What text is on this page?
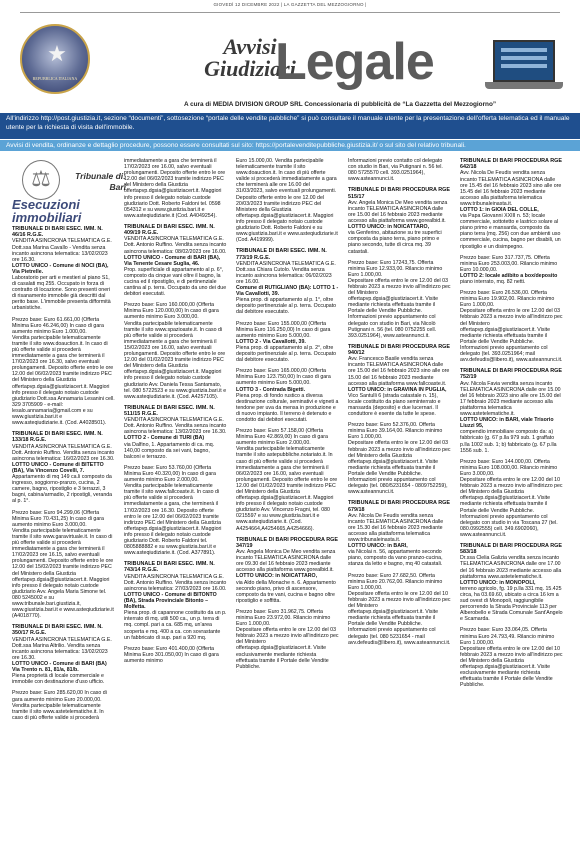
GIOVEDÌ 12 DICEMBRE 2022 | LA GAZZETTA DEL MEZZOGIORNO |
★
REPUBBLICA ITALIANA
Avvisi
Giudiziari
Legale
A cura di MEDIA DIVISION GROUP SRL Concessionaria di pubblicità de “La Gazzetta del Mezzogiorno”
All'indirizzo http://post.giustizia.it, sezione “documenti”, sottosezione “portale delle vendite pubbliche” si può consultare il manuale utente per la presentazione dell'offerta telematica ed il manuale utente per la richiesta di visita dell'immobile.
Avvisi di vendita, ordinanze e dettaglio procedure, possono essere consultati sul sito: https://portalevenditepubbliche.giustizia.it/ o sul sito del relativo tribunali.
⚖	Tribunale di:
Bari
Esecuzioni immobiliari
TRIBUNALE DI BARI ESEC. IMM. N. 46/16 R.G.E.

VENDITA ASINCRONA TELEMATICA G.E. Dott.ssa Marina Cavallo - Vendita senza incanto asincrona telematica: 13/02/2023 ore 16.30.

LOTTO UNICO - Comune di NOCI (BA), Via Pietrelle.

Laboratorio per arti e mestieri al piano S1, di casalati mq 255. Occupato in forza di contratto di locazione. Sono presenti oneri di risanamento immobile già descritti dal perito base. L'immobile presenta difformità urbanistiche.

Prezzo base: Euro 61.661,00 (Offerta Minima Euro 46.246,00) In caso di gara aumento minimo Euro 1.000,00.

Vendita partecipabile telematicamente tramite il sito www.doauction.it. In caso di più offerte valide si procederà immediatamente a gara che terminerà il 17/02/2023 ore 16.30, salvo eventuali prolungamenti. Deposito offerte entro le ore 12.00 del 06/02/2023 tramite indirizzo PEC del Ministero della Giustizia offertapvp.dgsia@giustiziacert.it. Maggiori info presso il delegato notaio custode giudiziario Dott.ssa Annamaria Lesanini cell. 329 3705909 - e-mail: lesalo.annamaria@gmail.com e su www.giustizia.bari.it e www.asteqiudiziarie.it. (Cod. A4028501).

TRIBUNALE DI BARI ESEC. IMM. N. 133/18 R.G.E.

VENDITA ASINCRONA TELEMATICA G.E. Dott. Antonio Ruffino. Vendita senza incanto asincrona telematica: 16/02/2023 ore 16.30.

LOTTO UNICO - Comune di BITETTO (BA), Via Vincenzo Covelli, 7.

Appartamento di mq 149 ca.li composto da ingresso, soggiorno-pranzo, cucina, 2 camere, bagno, ripostiglio e 3 terrazzi, 3 bagni, cabina/armadio, 2 ripostigli, veranda al p. 1°.

Prezzo base: Euro 94.299,06 (Offerta Minima Euro 70.431,25) In caso di gara aumento minimo Euro 3.000,00.

Vendita partecipabile telematicamente tramite il sito www.garavirtuale.it. In caso di più offerte valide si procederà immediatamente a gara che terminerà il 17/02/2023 ore 16.15, salvo eventuali prolungamenti. Deposito offerte entro le ore 12.00 del 15/02/2023 tramite indirizzo PEC del Ministero della Giustizia offertapvp.dgsia@giustiziacert.it. Maggiori info presso il delegato notaio custode giudiziario Avv. Angela Maria Simone tel. 080 5245002 e su www.tribunale.bari.giustizia.it, www.giustizia.bari.it e www.asteqiudiziarie.it (A4018770).

TRIBUNALE DI BARI ESEC. IMM. N. 350/17 R.G.E.

VENDITA ASINCRONA TELEMATICA G.E. Dott.ssa Marina Altrilio. Vendita senza incanto asincrona telematica: 13/02/2023 ore 16.30.

LOTTO UNICO - Comune di BARI (BA) Via Trento n. 81, 81/a, 81/b.

Piena proprietà di locale commerciale e immobile con destinazione d'uso ufficio.

Prezzo base: Euro 285.620,00 In caso di gara aumento minimo Euro 20.000,00.

Vendita partecipabile telematicamente tramite il sito www.astetelematiche.it. In caso di più offerte valide si procederà

immediatamente a gara che terminerà il 17/02/2023 ore 16.00, salvo eventuali prolungamenti. Deposito offerte entro le ore 12.00 del 06/02/2023 tramite indirizzo PEC del Ministero della Giustizia offertapvp.dgsia@giustiziacert.it. Maggiori info presso il delegato notaio custode giudiziario Dott. Roberto Faldoni tel. 0598 054312 e su www.giustizia.bari.it e www.asteqiudiziarie.it (Cod. A4049254).

TRIBUNALE DI BARI ESEC. IMM. N. 409/19 R.G.E.

VENDITA ASINCRONA TELEMATICA G.E. Dott. Antonio Ruffino. Vendita senza incanto asincrona telematica: 08/02/2023 ore 16.00.

LOTTO UNICO - Comune di BARI (BA), Via Tenente Cesare Suglia, 46.

Prop. superficiale di appartamento al p. 6°, composto da cinque vani oltre il bagno, la cucina ed il ripostiglio, e di pertinenziale cantina al p. terra. Occupato da uno dei due debitori esecutati.

Prezzo base: Euro 160.000,00 (Offerta Minima Euro 120.000,00) In caso di gara aumento minimo Euro 3.000,00.

Vendita partecipabile telematicamente tramite il sito www.spazioaste.it. In caso di più offerte valide si procederà immediatamente a gara che terminerà il 15/02/2023 ore 16.00, salvo eventuali prolungamenti. Deposito offerte entro le ore 12.00 del 01/02/2023 tramite indirizzo PEC del Ministero della Giustizia offertapvp.dgsia@giustiziacert.it. Maggiori info presso il delegato notaio custode giudiziario Avv. Daniela Tessa Santamato, tel. 080 5722523 e su www.giustizia.bari.it e www.asteqiudiziarie.it. (Cod. A4257105).

TRIBUNALE DI BARI ESEC. IMM. N. 511/15 R.G.E.

VENDITA ASINCRONA TELEMATICA G.E. Dott. Antonio Ruffino. Vendita senza incanto asincrona telematica: 13/02/2023 ore 16.30.

LOTTO 2 - Comune di TURI (BA)

via Dalfino, 1. Appartamento di ca. mq. 140,00 composto da sei vani, bagno, balconi e terrazzo.

Prezzo base: Euro 53.760,00 (Offerta Minima Euro 40.320,00) In caso di gara aumento minimo Euro 2.000,00.

Vendita partecipabile telematicamente tramite il sito www.fallcoaste.it. In caso di più offerte valide si procederà immediatamente a gara, che terminerà il 17/02/2023 ore 16.30. Deposito offerte entro le ore 12.00 del 06/02/2023 tramite indirizzo PEC del Ministero della Giustizia offertapvp.dgsia@giustiziacert.it. Maggiori info presso il delegato notaio custode giudiziario Dott. Roberto Faldoni tel. 0805888882 e su www.giustizia.bari.it e www.asteqiudiziarie.it. (Cod. A377891).

TRIBUNALE DI BARI ESEC. IMM. N. 743/14 R.G.E.

VENDITA ASINCRONA TELEMATICA G.E. Dott. Antonio Ruffino. Vendita senza incanto asincrona telematica: 27/03/2023 ore 16.00.

LOTTO UNICO - Comune di BITONTO (BA), Strada Provinciale Bitonto – Molfetta.

Piena prop. di capannone costituito da un p. interrato di mq. utili 500 ca., un p. terra di mq. compl. pari a ca. 685 mq, un'area scoperta e mq. 400 a ca. con sovrastante un fabbricato di sup. pari a 920 mq.

Prezzo base: Euro 401.400,00 (Offerta Minima Euro 301.050,00) In caso di gara aumento minimo

Euro 15.000,00. Vendita partecipabile telematicamente tramite il sito www.doauction.it. In caso di più offerte valide si procederà immediatamente a gara che terminerà alle ore 16.00 del 31/03/2023, salvo eventuali prolungamenti. Deposito offerte entro le ore 12.00 del 20/03/2023 tramite indirizzo PEC del Ministero della Giustizia offertapvp.dgsia@giustiziacert.it. Maggiori info presso il delegato notaio custode giudiziario Dott. Roberto Faldoni e su www.giustizia.bari.it e www.asteqiudiziarie.it (Cod. A419999).

TRIBUNALE DI BARI ESEC. IMM. N. 773/19 R.G.E.

VENDITA ASINCRONA TELEMATICA G.E. Dott.ssa Chiara Cutolo. Vendita senza incanto asincrona telematica: 06/02/2023 ore 16.00.

Comune di RUTIGLIANO (BA): LOTTO 1 - Via Cavallotti, 39.

Piena prop. di appartamento al p. 1°, oltre deposito pertinenziale al p. terra. Occupato dal debitore esecutato.

Prezzo base: Euro 155.000,00 (Offerta Minima Euro 116.250,00) In caso di gara aumento minimo Euro 5.000,00.

LOTTO 2 - Via Cavallotti, 39.

Piena prop. di appartamento al p. 2°, oltre deposito pertinenziale al p. terra. Occupato dal debitore esecutato.

Prezzo base: Euro 165.000,00 (Offerta Minima Euro 123.750,00) In caso di gara aumento minimo Euro 5.000,00.

LOTTO 3 - Contrada Bigetti.

Piena prop. di fondo rustico a diversa destinazione colturale, seminativi e vigneti a tendone per uva da mensa in produzione e di nuovo impianto. Il terreno è detenuto e condotto dai debitori esecutati.

Prezzo base: Euro 57.158,00 (Offerta Minima Euro 42.869,00) In caso di gara aumento minimo Euro 2.000,00.

Vendita partecipabile telematicamente tramite il sito astepubbliche.notariato.it. In caso di più offerte valide si procederà immediatamente a gara che terminerà il 06/02/2023 ore 16.00, salvo eventuali prolungamenti. Deposito offerte entro le ore 12.00 del 01/02/2023 tramite indirizzo PEC del Ministero della Giustizia offertapvp.dgsia@giustiziacert.it. Maggiori info presso il delegato notaio custode giudiziario Avv. Vincenzo Fragni, tel. 080 0215597 e su www.giustizia.bari.it e www.asteqiudiziarie.it. (Cod. A4254664,A4254665,A4254666).

TRIBUNALE DI BARI PROCEDURA RGE 347/19

Avv. Angela Monica De Meo vendita senza incanto TELEMATICA ASINCRONA dalle ore 09.30 del 16 febbraio 2023 mediante accesso alla piattaforma www.gorealbid.it.

LOTTO UNICO: in NOICATTARO,

via Aldo della Monache n. 6. Appartamento secondo piano, privo di ascensore, composto da tre vani, cucina e bagno oltre ripostiglio e soffitta.

Prezzo base: Euro 31.962,75. Offerta minima Euro 23.972,00. Rilancio minimo Euro 1.000,00.

Depositare offerta entro le ore 12.00 del 03 febbraio 2023 a mezzo invio all'indirizzo pec del Ministero offertapvp.dgsia@giustiziacert.it. Visite esclusivamente mediante richiesta effettuata tramite il Portale delle Vendite Pubbliche.

Informazioni previo contatto col delegato con studio in Bari, via Putignani n. 56 tel. 080 5725570 cell. 393.0251964), www.asteannunci.it.

TRIBUNALE DI BARI PROCEDURA RGE 515/17

Avv. Angela Monica De Meo vendita senza incanto TELEMATICA ASINCRONA dalle ore 15.00 del 16 febbraio 2023 mediante accesso alla piattaforma www.gorealbid.it.

LOTTO UNICO: in NOICATTARO,

via Genferino, abitazione su tre superfici composta da piano terra, piano primo e piano secondo, tutte di circa mq. 39 catastali.

Prezzo base: Euro 17243,75. Offerta minima Euro 12.933,00. Rilancio minimo Euro 1.000,00.

Depositare offerta entro le ore 12.00 del 03 febbraio 2023 a mezzo invio all'indirizzo pec del Ministero offertapvp.dgsia@giustiziacert.it. Visite mediante richiesta effettuata tramite il Portale delle Vendite Pubbliche. Informazioni previo appuntamento col delegato con studio in Bari, via Nicolò Putignani n. 56 (tel. 080 0752255 cell. 393.0251964), www.asteannunci.it.

TRIBUNALE DI BARI PROCEDURA RGE 940/12

Avv. Francesco Basile vendita senza incanto TELEMATICA ASINCRONA dalle ore 15.00 del 16 febbraio 2023 sino alle ore 15.00 del 16 febbraio 2023 mediante accesso alla piattaforma www.fallcoaste.it.

LOTTO UNICO: in GRAVINA IN PUGLIA,

Vico Santulli 6 (strada catastale n. 15), locale costituito da piano seminterrato e mansarda (deposito) e due lucernari. Il conduttore è esente da tutte le spese.

Prezzo base: Euro 52.376,00. Offerta minima Euro 39.164,00. Rilancio minimo Euro 1.000,00.

Depositare offerta entro le ore 12.00 del 03 febbraio 2023 a mezzo invio all'indirizzo pec del Ministero della Giustizia offertapvp.dgsia@giustiziacert.it. Visite mediante richiesta effettuata tramite il Portale delle Vendite Pubbliche. Informazioni previo appuntamento col delegato (tel. 080/5231654 - 0809752259), www.asteannunci.it.

TRIBUNALE DI BARI PROCEDURA RGE 679/18

Avv. Nicola De Feudis vendita senza incanto TELEMATICA ASINCRONA dalle ore 15.30 del 16 febbraio 2023 mediante accesso alla piattaforma telematica www.tribunaleinasta.it.

LOTTO UNICO: in BARI,

via Nicolai n. 56, appartamento secondo piano, composto da vano pranzo-cucina, stanza da letto e bagno, mq 40 catastali.

Prezzo base: Euro 27.682,50. Offerta minima Euro 20.762,00. Rilancio minimo Euro 1.000,00.

Depositare offerta entro le ore 12.00 del 10 febbraio 2023 a mezzo invio all'indirizzo pec del Ministero offertapvp.dgsia@giustiziacert.it. Visite mediante richiesta effettuata tramite il Portale delle Vendite Pubbliche. Informazioni previo appuntamento col delegato (tel. 080 5231654 - mail avv.defeudis@libero.it), www.asteannunci.it.

TRIBUNALE DI BARI PROCEDURA RGE 642/18

Avv. Nicola De Feudis vendita senza incanto TELEMATICA ASINCRONA dalle ore 15.45 del 16 febbraio 2023 sino alle ore 15.45 del 16 febbraio 2023 mediante accesso alla piattaforma telematica www.tribunaleinasta.it.

LOTTO 1: in GIOIA DEL COLLE,

via Papa Giovanni XXIII n. 53; locale commerciale, sottotetto e lastrico solare al piano primo e mansarda, composto da piano terra (mq. 256) con due ambienti uso commerciale, cucina, bagno per disabili, un ripostiglio e un disimpegno.

Prezzo base: Euro 317.737,75. Offerta minima Euro 253.003,00. Rilancio minimo Euro 10.000,00.

LOTTO 2: locale adibito a box/deposito

piano interrato, mq. 82 netti.

Prezzo base: Euro 26.536,00. Offerta minima Euro 19.902,00. Rilancio minimo Euro 1.000,00.

Depositare offerta entro le ore 12.00 del 03 febbraio 2023 a mezzo invio all'indirizzo pec del Ministero offertapvp.dgsia@giustiziacert.it. Visite mediante richiesta effettuata tramite il Portale delle Vendite Pubbliche. Informazioni previo appuntamento col delegato (tel. 393.0251964; mail avv.defeudis@libero.it), www.asteannunci.it.

TRIBUNALE DI BARI PROCEDURA RGE 752/19

Avv. Nicola Favia vendita senza incanto TELEMATICA ASINCRONA dalle ore 15.00 del 16 febbraio 2023 sino alle ore 15.00 del 17 febbraio 2023 mediante accesso alla piattaforma telematica www.astetelematiche.it.

LOTTO UNICO: in BARI, viale Trisorio Liuzzi 95,

compendio immobiliare composto da: a) fabbricato (g. 67 p.lla 979 sub. 1 graffato p.lla 1002 sub. 1; b) fabbricato (g. 67 p.lla 1556 sub. 1.

Prezzo base: Euro 144.000,00. Offerta minima Euro 108.000,00. Rilancio minimo Euro 3.000,00.

Depositare offerta entro le ore 12.00 del 10 febbraio 2023 a mezzo invio all'indirizzo pec del Ministero della Giustizia offertapvp.dgsia@giustiziacert.it. Visite mediante richiesta effettuata tramite il Portale delle Vendite Pubbliche. Informazioni previo appuntamento col delegato con studio in via Toscana 27 (tel. 080.0992555) cell. 349.6902060), www.asteannunci.it.

TRIBUNALE DI BARI PROCEDURA RGE 583/18

Dr.ssa Clelia Galizia vendita senza incanto TELEMATICA ASINCRONA dalle ore 17.00 del 16 febbraio 2023 mediante accesso alla piattaforma www.astetelematiche.it.

LOTTO UNICO: in MONOPOLI,

terreno agricolo, fg. 19 p.lla 331 mq. 15.425 circa, ha 03.69.60, ubicato a circa 16 km a sud ovest di Monopoli, raggiungibile percorrendo la Strada Provinciale 113 per Alberobello e Strada Comunale Sant'Angelo e Scamarda.

Prezzo base: Euro 33.064,05. Offerta minima Euro 24.793,49. Rilancio minimo Euro 1.000,00.

Depositare offerta entro le ore 12.00 del 10 febbraio 2023 a mezzo invio all'indirizzo pec del Ministero della Giustizia offertapvp.dgsia@giustiziacert.it. Visite esclusivamente mediante richiesta effettuata tramite il Portale delle Vendite Pubbliche.
